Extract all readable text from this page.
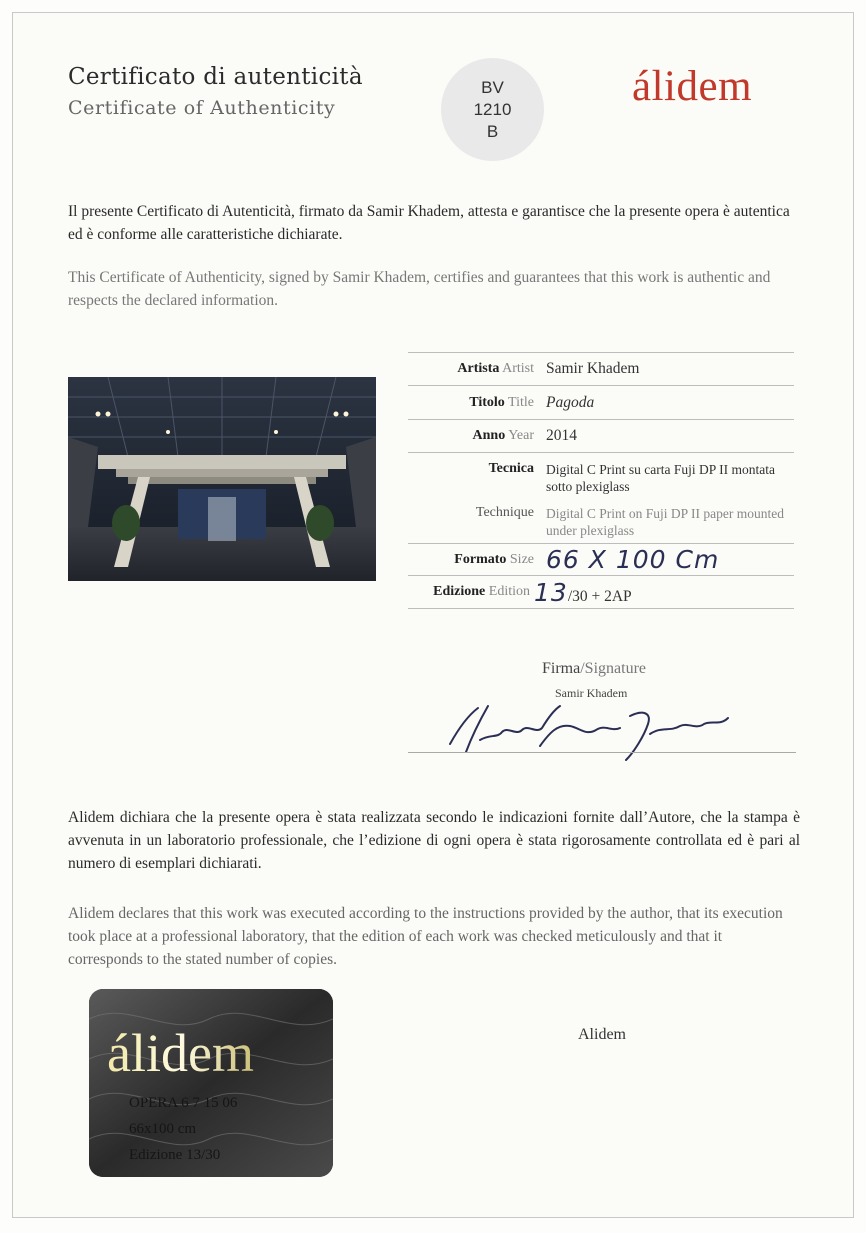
Certificato di autenticità
Certificate of Authenticity
BV
1210
B
álidem
Il presente Certificato di Autenticità, firmato da Samir Khadem, attesta e garantisce che la presente opera è autentica ed è conforme alle caratteristiche dichiarate.
This Certificate of Authenticity, signed by Samir Khadem, certifies and guarantees that this work is authentic and respects the declared information.
Artista Artist Samir Khadem
Titolo Title Pagoda
Anno Year 2014
Tecnica
Technique
Digital C Print su carta Fuji DP II montata sotto plexiglass
Digital C Print on Fuji DP II paper mounted under plexiglass
Formato Size 66 X 100 Cm
Edizione Edition 13/30 + 2AP
Firma/Signature
Samir Khadem
Alidem dichiara che la presente opera è stata realizzata secondo le indicazioni fornite dall’Autore, che la stampa è avvenuta in un laboratorio professionale, che l’edizione di ogni opera è stata rigorosamente controllata ed è pari al numero di esemplari dichiarati.
Alidem declares that this work was executed according to the instructions provided by the author, that its execution took place at a professional laboratory, that the edition of each work was checked meticulously and that it corresponds to the stated number of copies.
álidem
OPERA 6 7 15 06
66x100 cm
Edizione 13/30
Alidem
